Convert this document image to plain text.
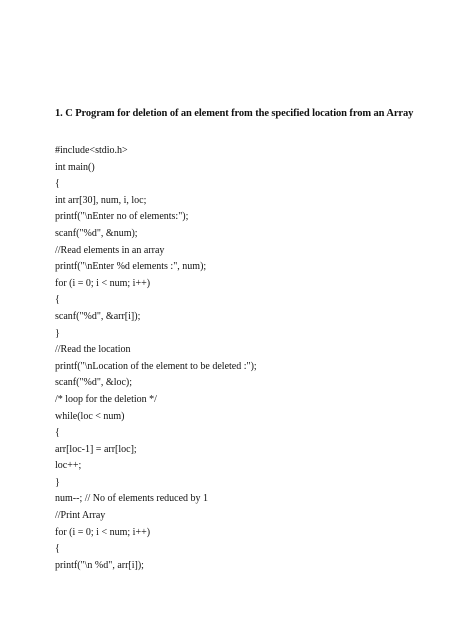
1. C Program for deletion of an element from the specified location from an Array
#include<stdio.h>
int main()
{
int arr[30], num, i, loc;
printf("\nEnter no of elements:");
scanf("%d", &num);
//Read elements in an array
printf("\nEnter %d elements :", num);
for (i = 0; i < num; i++)
{
scanf("%d", &arr[i]);
}
//Read the location
printf("\nLocation of the element to be deleted :");
scanf("%d", &loc);
/* loop for the deletion */
while(loc < num)
{
arr[loc-1] = arr[loc];
loc++;
}
num--; // No of elements reduced by 1
//Print Array
for (i = 0; i < num; i++)
{
printf("\n %d", arr[i]);
